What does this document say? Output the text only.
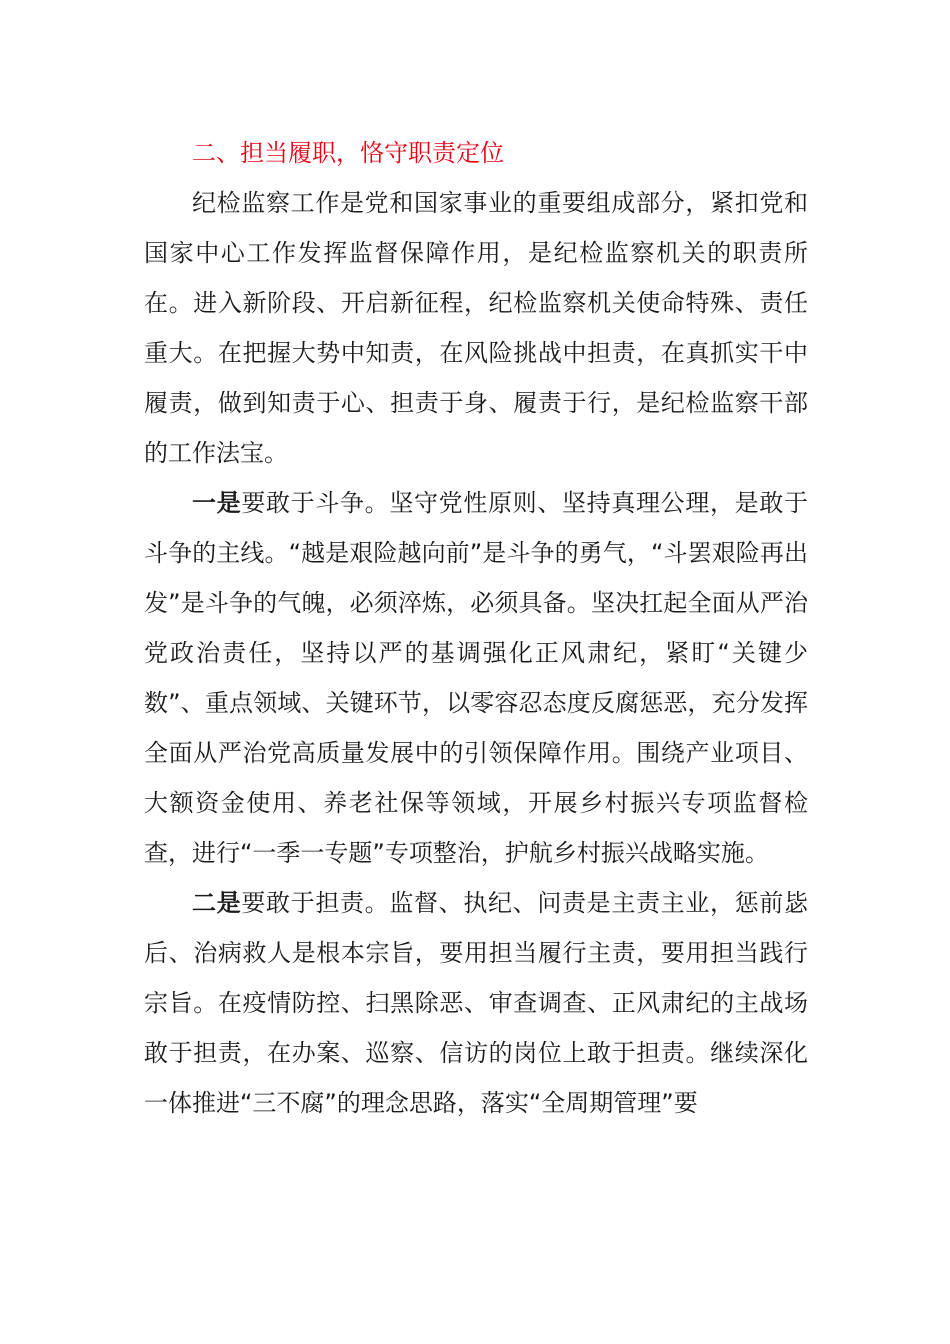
二、担当履职，恪守职责定位

纪检监察工作是党和国家事业的重要组成部分，紧扣党和国家中心工作发挥监督保障作用，是纪检监察机关的职责所在。进入新阶段、开启新征程，纪检监察机关使命特殊、责任重大。在把握大势中知责，在风险挑战中担责，在真抓实干中履责，做到知责于心、担责于身、履责于行，是纪检监察干部的工作法宝。

一是要敢于斗争。坚守党性原则、坚持真理公理，是敢于斗争的主线。“越是艰险越向前”是斗争的勇气，“斗罢艰险再出发”是斗争的气魄，必须淬炼，必须具备。坚决扛起全面从严治党政治责任，坚持以严的基调强化正风肃纪，紧盯“关键少数”、重点领域、关键环节，以零容忍态度反腐惩恶，充分发挥全面从严治党高质量发展中的引领保障作用。围绕产业项目、大额资金使用、养老社保等领域，开展乡村振兴专项监督检查，进行“一季一专题”专项整治，护航乡村振兴战略实施。

二是要敢于担责。监督、执纪、问责是主责主业，惩前毖后、治病救人是根本宗旨，要用担当履行主责，要用担当践行宗旨。在疫情防控、扫黑除恶、审查调查、正风肃纪的主战场敢于担责，在办案、巡察、信访的岗位上敢于担责。继续深化一体推进“三不腐”的理念思路，落实“全周期管理”要
